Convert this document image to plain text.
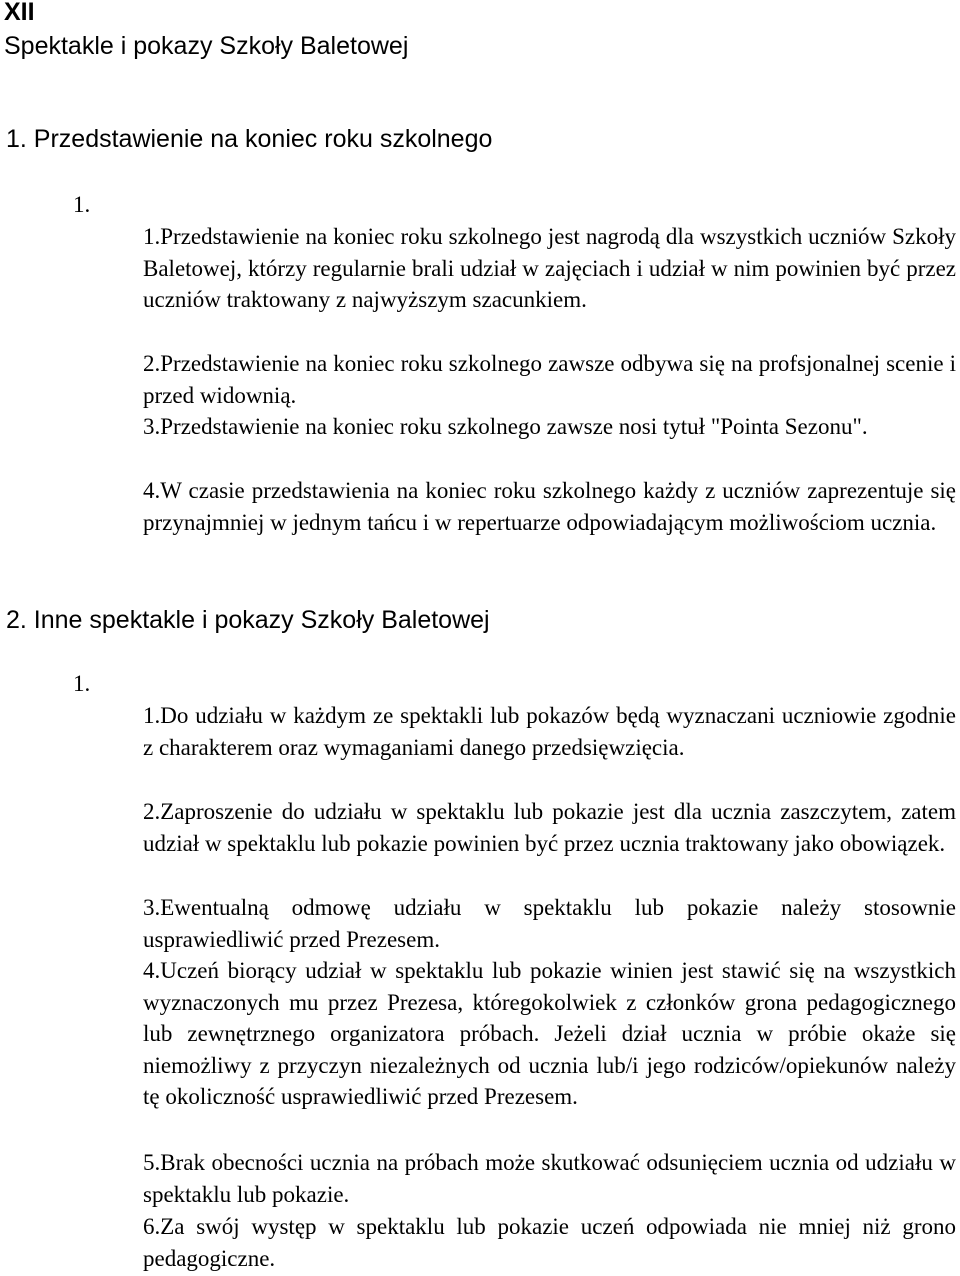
XII
Spektakle i pokazy Szkoły Baletowej
1. Przedstawienie na koniec roku szkolnego
1.

1.Przedstawienie na koniec roku szkolnego jest nagrodą dla wszystkich uczniów Szkoły Baletowej, którzy regularnie brali udział w zajęciach i udział w nim powinien być przez uczniów traktowany z najwyższym szacunkiem.

2.Przedstawienie na koniec roku szkolnego zawsze odbywa się na profsjonalnej scenie i przed widownią.

3.Przedstawienie na koniec roku szkolnego zawsze nosi tytuł "Pointa Sezonu".

4.W czasie przedstawienia na koniec roku szkolnego każdy z uczniów zaprezentuje się przynajmniej w jednym tańcu i w repertuarze odpowiadającym możliwościom ucznia.

2. Inne spektakle i pokazy Szkoły Baletowej
1.

1.Do udziału w każdym ze spektakli lub pokazów będą wyznaczani uczniowie zgodnie z charakterem oraz wymaganiami danego przedsięwzięcia.

2.Zaproszenie do udziału w spektaklu lub pokazie jest dla ucznia zaszczytem, zatem udział w spektaklu lub pokazie powinien być przez ucznia traktowany jako obowiązek.

3.Ewentualną odmowę udziału w spektaklu lub pokazie należy stosownie usprawiedliwić przed Prezesem.

4.Uczeń biorący udział w spektaklu lub pokazie winien jest stawić się na wszystkich wyznaczonych mu przez Prezesa, któregokolwiek z członków grona pedagogicznego lub zewnętrznego organizatora próbach. Jeżeli dział ucznia w próbie okaże się niemożliwy z przyczyn niezależnych od ucznia lub/i jego rodziców/opiekunów należy tę okoliczność usprawiedliwić przed Prezesem.

5.Brak obecności ucznia na próbach może skutkować odsunięciem ucznia od udziału w spektaklu lub pokazie.

6.Za swój występ w spektaklu lub pokazie uczeń odpowiada nie mniej niż grono pedagogiczne.
